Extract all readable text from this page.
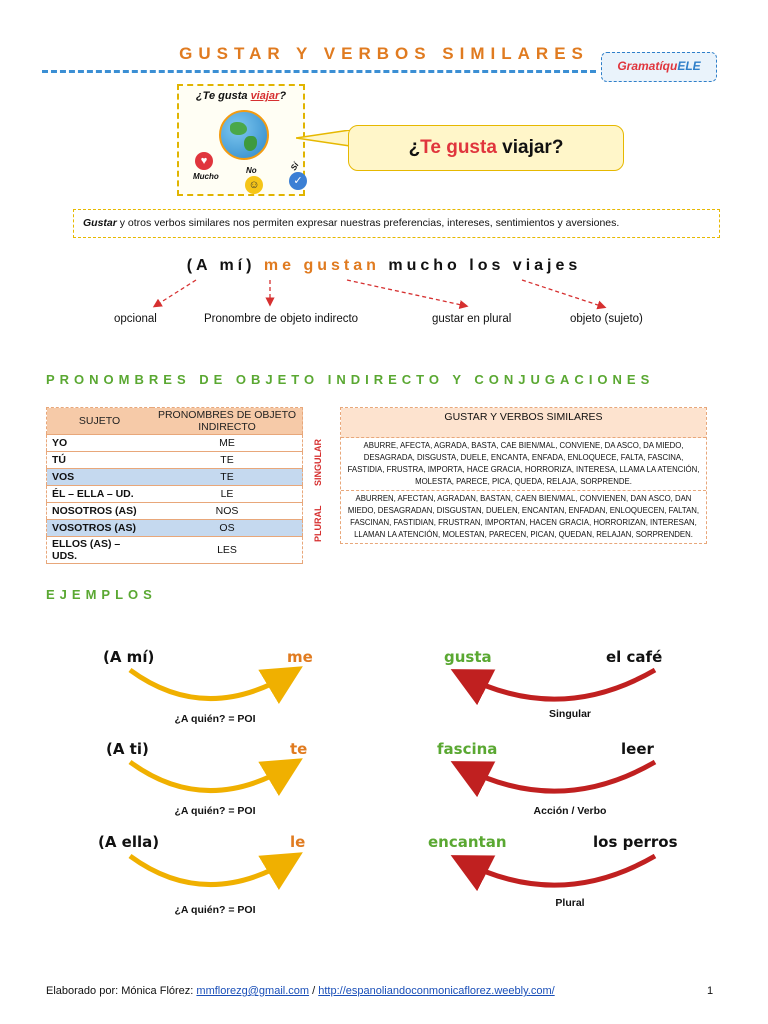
GUSTAR Y VERBOS SIMILARES
GramatíquELE
¿Te gusta viajar?
Mucho
No	Sí
♥
☺	✓
¿Te gusta viajar?
Gustar y otros verbos similares nos permiten expresar nuestras preferencias, intereses, sentimientos y aversiones.
(A mí) me gustan mucho los viajes
opcional	Pronombre de objeto indirecto	gustar en plural	objeto (sujeto)
PRONOMBRES DE OBJETO INDIRECTO Y CONJUGACIONES
SUJETO	PRONOMBRES DE OBJETO INDIRECTO
YO	ME
TÚ	TE
VOS	TE
ÉL – ELLA – UD.	LE
NOSOTROS (AS)	NOS
VOSOTROS (AS)	OS
ELLOS (AS) – UDS.	LES
SINGULAR
PLURAL
GUSTAR Y VERBOS SIMILARES
ABURRE, AFECTA, AGRADA, BASTA, CAE BIEN/MAL, CONVIENE, DA ASCO, DA MIEDO, DESAGRADA, DISGUSTA, DUELE, ENCANTA, ENFADA, ENLOQUECE, FALTA, FASCINA, FASTIDIA, FRUSTRA, IMPORTA, HACE GRACIA, HORRORIZA, INTERESA, LLAMA LA ATENCIÓN, MOLESTA, PARECE, PICA, QUEDA, RELAJA, SORPRENDE.
ABURREN, AFECTAN, AGRADAN, BASTAN, CAEN BIEN/MAL, CONVIENEN, DAN ASCO, DAN MIEDO, DESAGRADAN, DISGUSTAN, DUELEN, ENCANTAN, ENFADAN, ENLOQUECEN, FALTAN, FASCINAN, FASTIDIAN, FRUSTRAN, IMPORTAN, HACEN GRACIA, HORRORIZAN, INTERESAN, LLAMAN LA ATENCIÓN, MOLESTAN, PARECEN, PICAN, QUEDAN, RELAJAN, SORPRENDEN.
EJEMPLOS
(A mí)	me
(A ti)	te
(A ella)	le
¿A quién? = POI
¿A quién? = POI
¿A quién? = POI
gusta	el café
fascina	leer
encantan	los perros
Singular
Acción / Verbo
Plural
Elaborado por: Mónica Flórez: mmflorezg@gmail.com / http://espanoliandoconmonicaflorez.weebly.com/	1
